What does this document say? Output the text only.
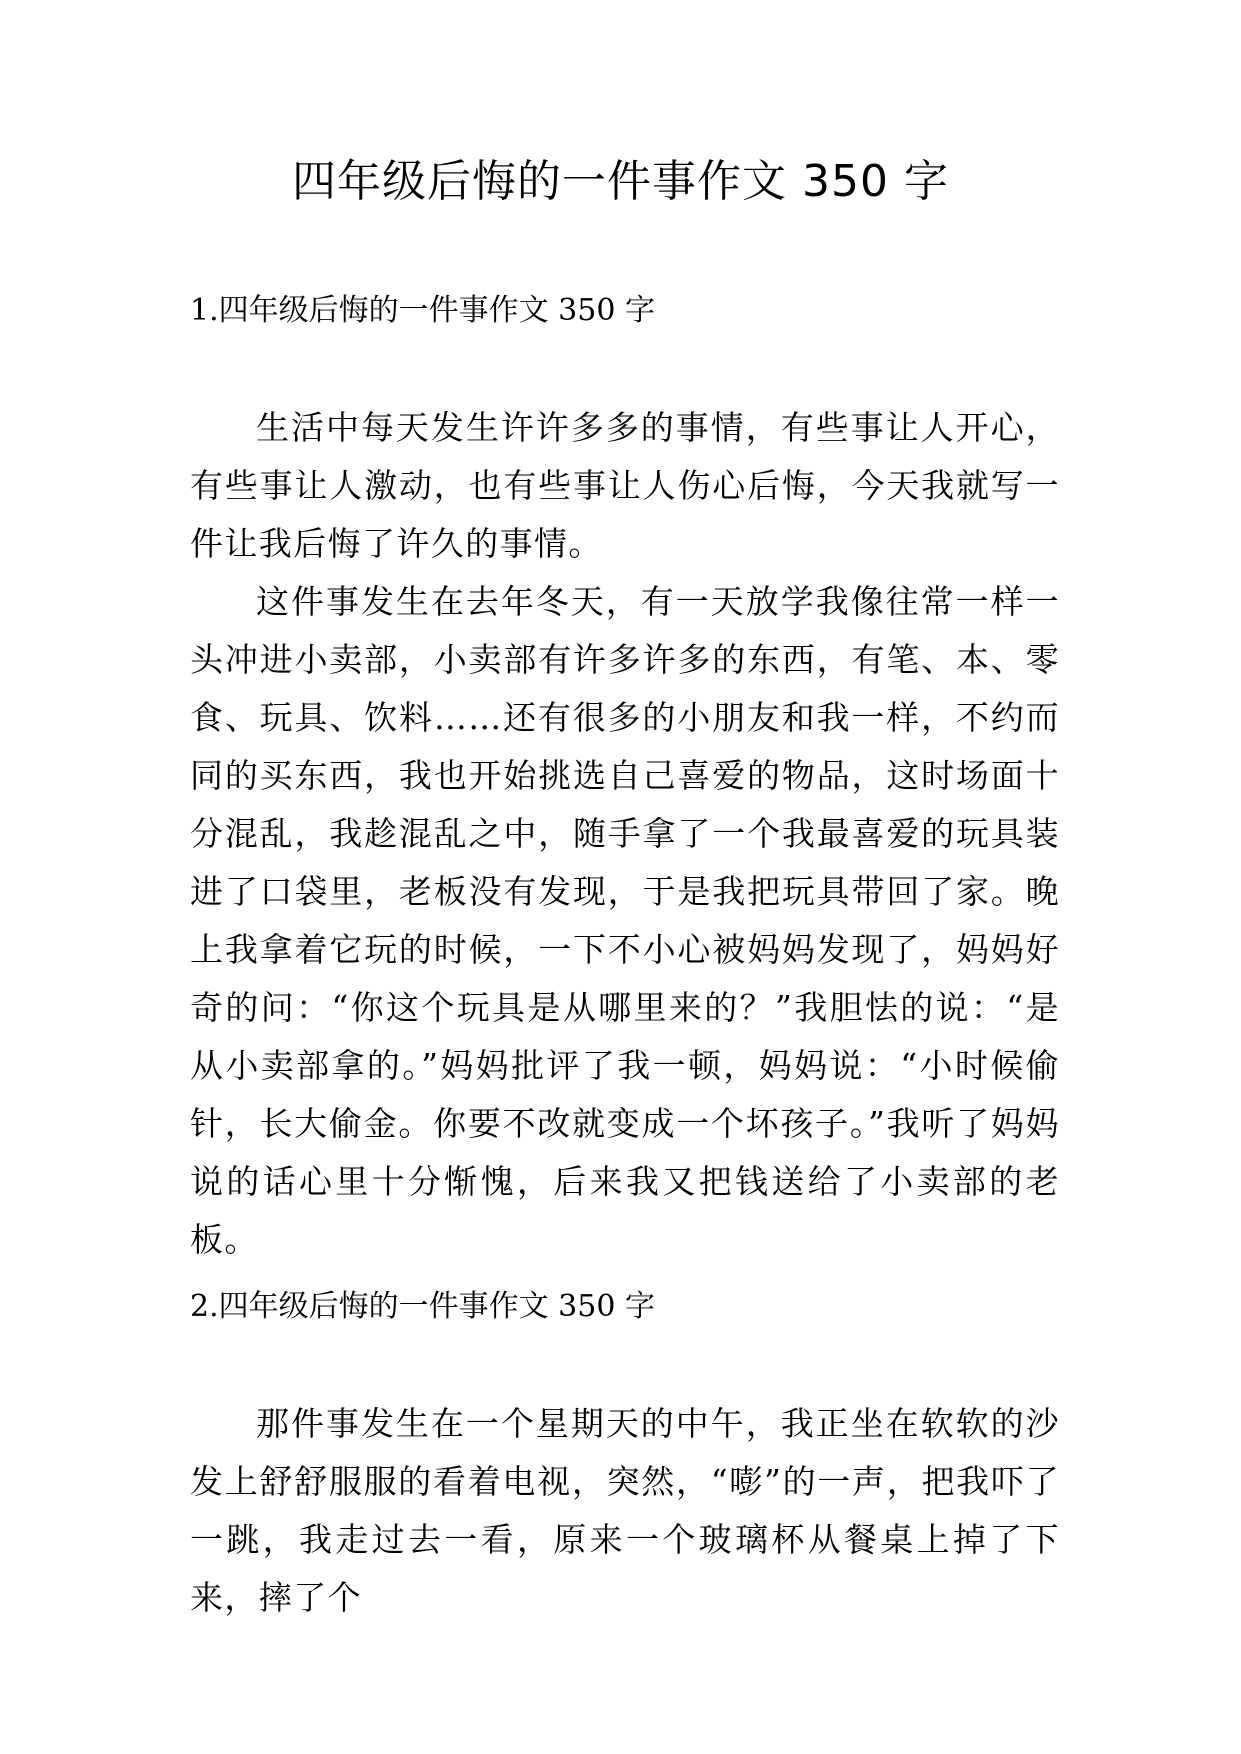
四年级后悔的一件事作文 350 字
1.四年级后悔的一件事作文 350 字

生活中每天发生许许多多的事情，有些事让人开心，有些事让人激动，也有些事让人伤心后悔，今天我就写一件让我后悔了许久的事情。

这件事发生在去年冬天，有一天放学我像往常一样一头冲进小卖部，小卖部有许多许多的东西，有笔、本、零食、玩具、饮料……还有很多的小朋友和我一样，不约而同的买东西，我也开始挑选自己喜爱的物品，这时场面十分混乱，我趁混乱之中，随手拿了一个我最喜爱的玩具装进了口袋里，老板没有发现，于是我把玩具带回了家。晚上我拿着它玩的时候，一下不小心被妈妈发现了，妈妈好奇的问：“你这个玩具是从哪里来的？”我胆怯的说：“是从小卖部拿的。”妈妈批评了我一顿，妈妈说：“小时候偷针，长大偷金。你要不改就变成一个坏孩子。”我听了妈妈说的话心里十分惭愧，后来我又把钱送给了小卖部的老板。

2.四年级后悔的一件事作文 350 字

那件事发生在一个星期天的中午，我正坐在软软的沙发上舒舒服服的看着电视，突然，“嘭”的一声，把我吓了一跳，我走过去一看，原来一个玻璃杯从餐桌上掉了下来，摔了个
